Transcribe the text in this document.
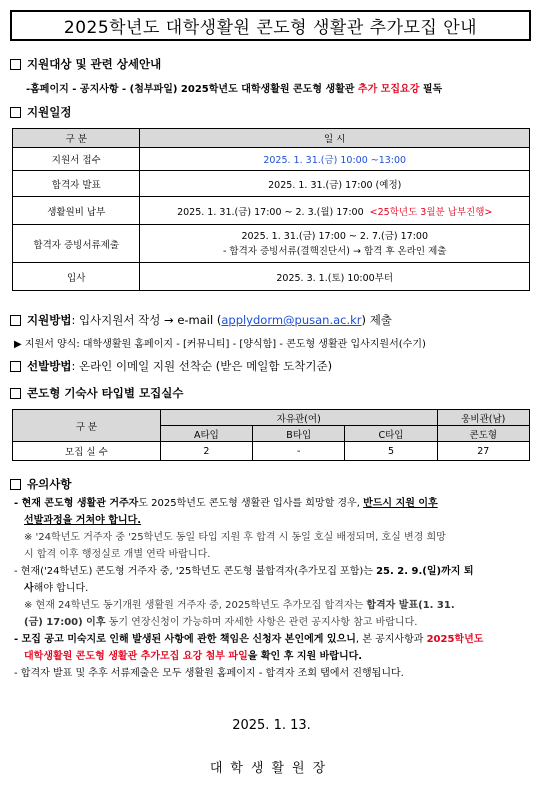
2025학년도 대학생활원 콘도형 생활관 추가모집 안내
지원대상 및 관련 상세안내
-홈페이지 - 공지사항 - (첨부파일) 2025학년도 대학생활원 콘도형 생활관 추가 모집요강 필독
지원일정
구 분	일 시
지원서 접수	2025. 1. 31.(금) 10:00 ~13:00
합격자 발표	2025. 1. 31.(금) 17:00 (예정)
생활원비 납부	2025. 1. 31.(금) 17:00 ~ 2. 3.(월) 17:00 <25학년도 3월분 납부진행>
합격자 증빙서류제출	2025. 1. 31.(금) 17:00 ~ 2. 7.(금) 17:00
- 합격자 증빙서류(결핵진단서) → 합격 후 온라인 제출

입사	2025. 3. 1.(토) 10:00부터
지원방법 : 입사지원서 작성 → e-mail ( applydorm@pusan.ac.kr ) 제출
▶ 지원서 양식: 대학생활원 홈페이지 - [커뮤니티] - [양식함] - 콘도형 생활관 입사지원서(수기)
선발방법 : 온라인 이메일 지원 선착순 (받은 메일함 도착기준)
콘도형 기숙사 타입별 모집실수
구 분	자유관(여)			웅비관(남)
	A타입	B타입	C타입	콘도형
모집 실 수	2	-	5	27
유의사항

- 현재 콘도형 생활관 거주자도 2025학년도 콘도형 생활관 입사를 희망할 경우, 반드시 지원 이후

선발과정을 거쳐야 합니다.

※ '24학년도 거주자 중 '25학년도 동일 타입 지원 후 합격 시 동일 호실 배정되며, 호실 변경 희망

시 합격 이후 행정실로 개별 연락 바랍니다.

- 현재('24학년도) 콘도형 거주자 중, '25학년도 콘도형 불합격자(추가모집 포함)는 25. 2. 9.(일)까지 퇴

사해야 합니다.

※ 현재 24학년도 동기개원 생활원 거주자 중, 2025학년도 추가모집 합격자는 합격자 발표(1. 31.

(금) 17:00) 이후 동기 연장신청이 가능하며 자세한 사항은 관련 공지사항 참고 바랍니다.

- 모집 공고 미숙지로 인해 발생된 사항에 관한 책임은 신청자 본인에게 있으니, 본 공지사항과 2025학년도

대학생활원 콘도형 생활관 추가모집 요강 첨부 파일을 확인 후 지원 바랍니다.

- 합격자 발표 및 추후 서류제출은 모두 생활원 홈페이지 - 합격자 조회 탭에서 진행됩니다.

2025. 1. 13.
대학생활원장
